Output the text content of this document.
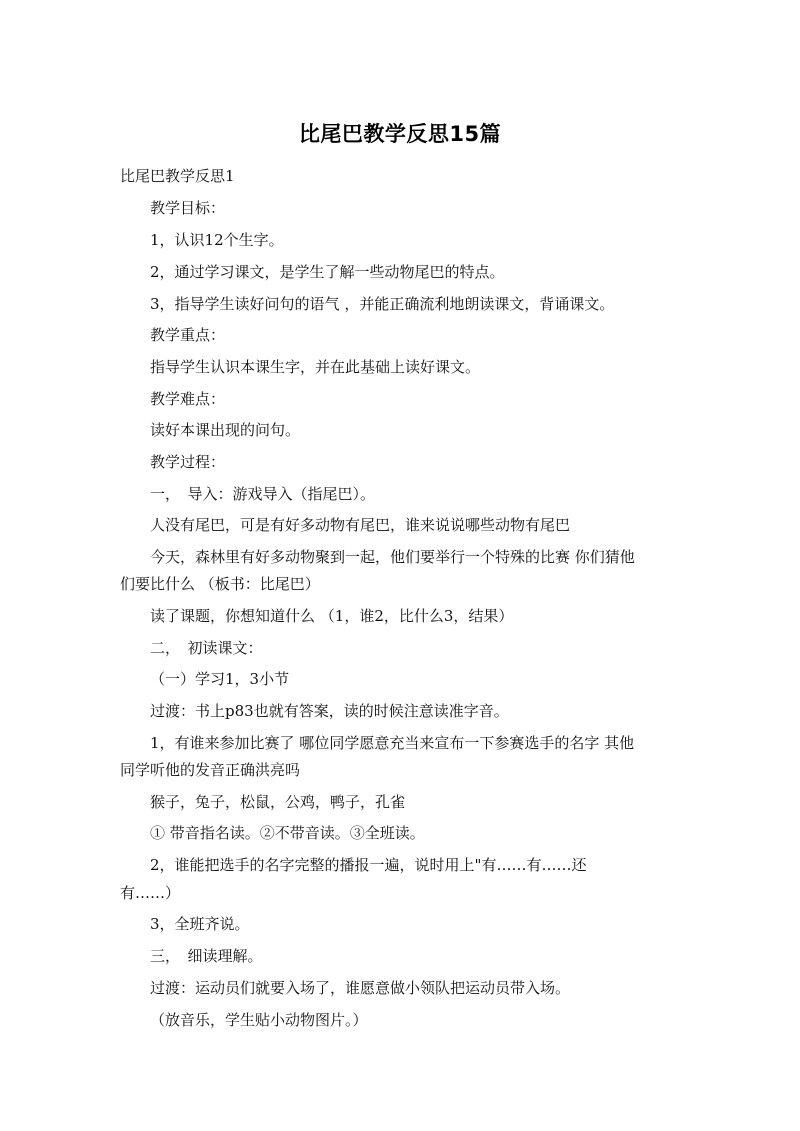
比尾巴教学反思15篇
比尾巴教学反思1
教学目标：
1，认识12个生字。
2，通过学习课文，是学生了解一些动物尾巴的特点。
3，指导学生读好问句的语气 ，并能正确流利地朗读课文，背诵课文。
教学重点：
指导学生认识本课生字，并在此基础上读好课文。
教学难点：
读好本课出现的问句。
教学过程：
一，　导入：游戏导入（指尾巴）。
人没有尾巴，可是有好多动物有尾巴，谁来说说哪些动物有尾巴
今天，森林里有好多动物聚到一起，他们要举行一个特殊的比赛 你们猜他
们要比什么 （板书：比尾巴）
读了课题，你想知道什么 （1，谁2，比什么3，结果）
二，　初读课文：
（一）学习1，3小节
过渡：书上p83也就有答案，读的时候注意读准字音。
1，有谁来参加比赛了 哪位同学愿意充当来宣布一下参赛选手的名字 其他
同学听他的发音正确洪亮吗
猴子，兔子，松鼠，公鸡，鸭子，孔雀
① 带音指名读。②不带音读。③全班读。
2，谁能把选手的名字完整的播报一遍，说时用上"有……有……还
有……）
3，全班齐说。
三，　细读理解。
过渡：运动员们就要入场了，谁愿意做小领队把运动员带入场。
（放音乐，学生贴小动物图片。）
